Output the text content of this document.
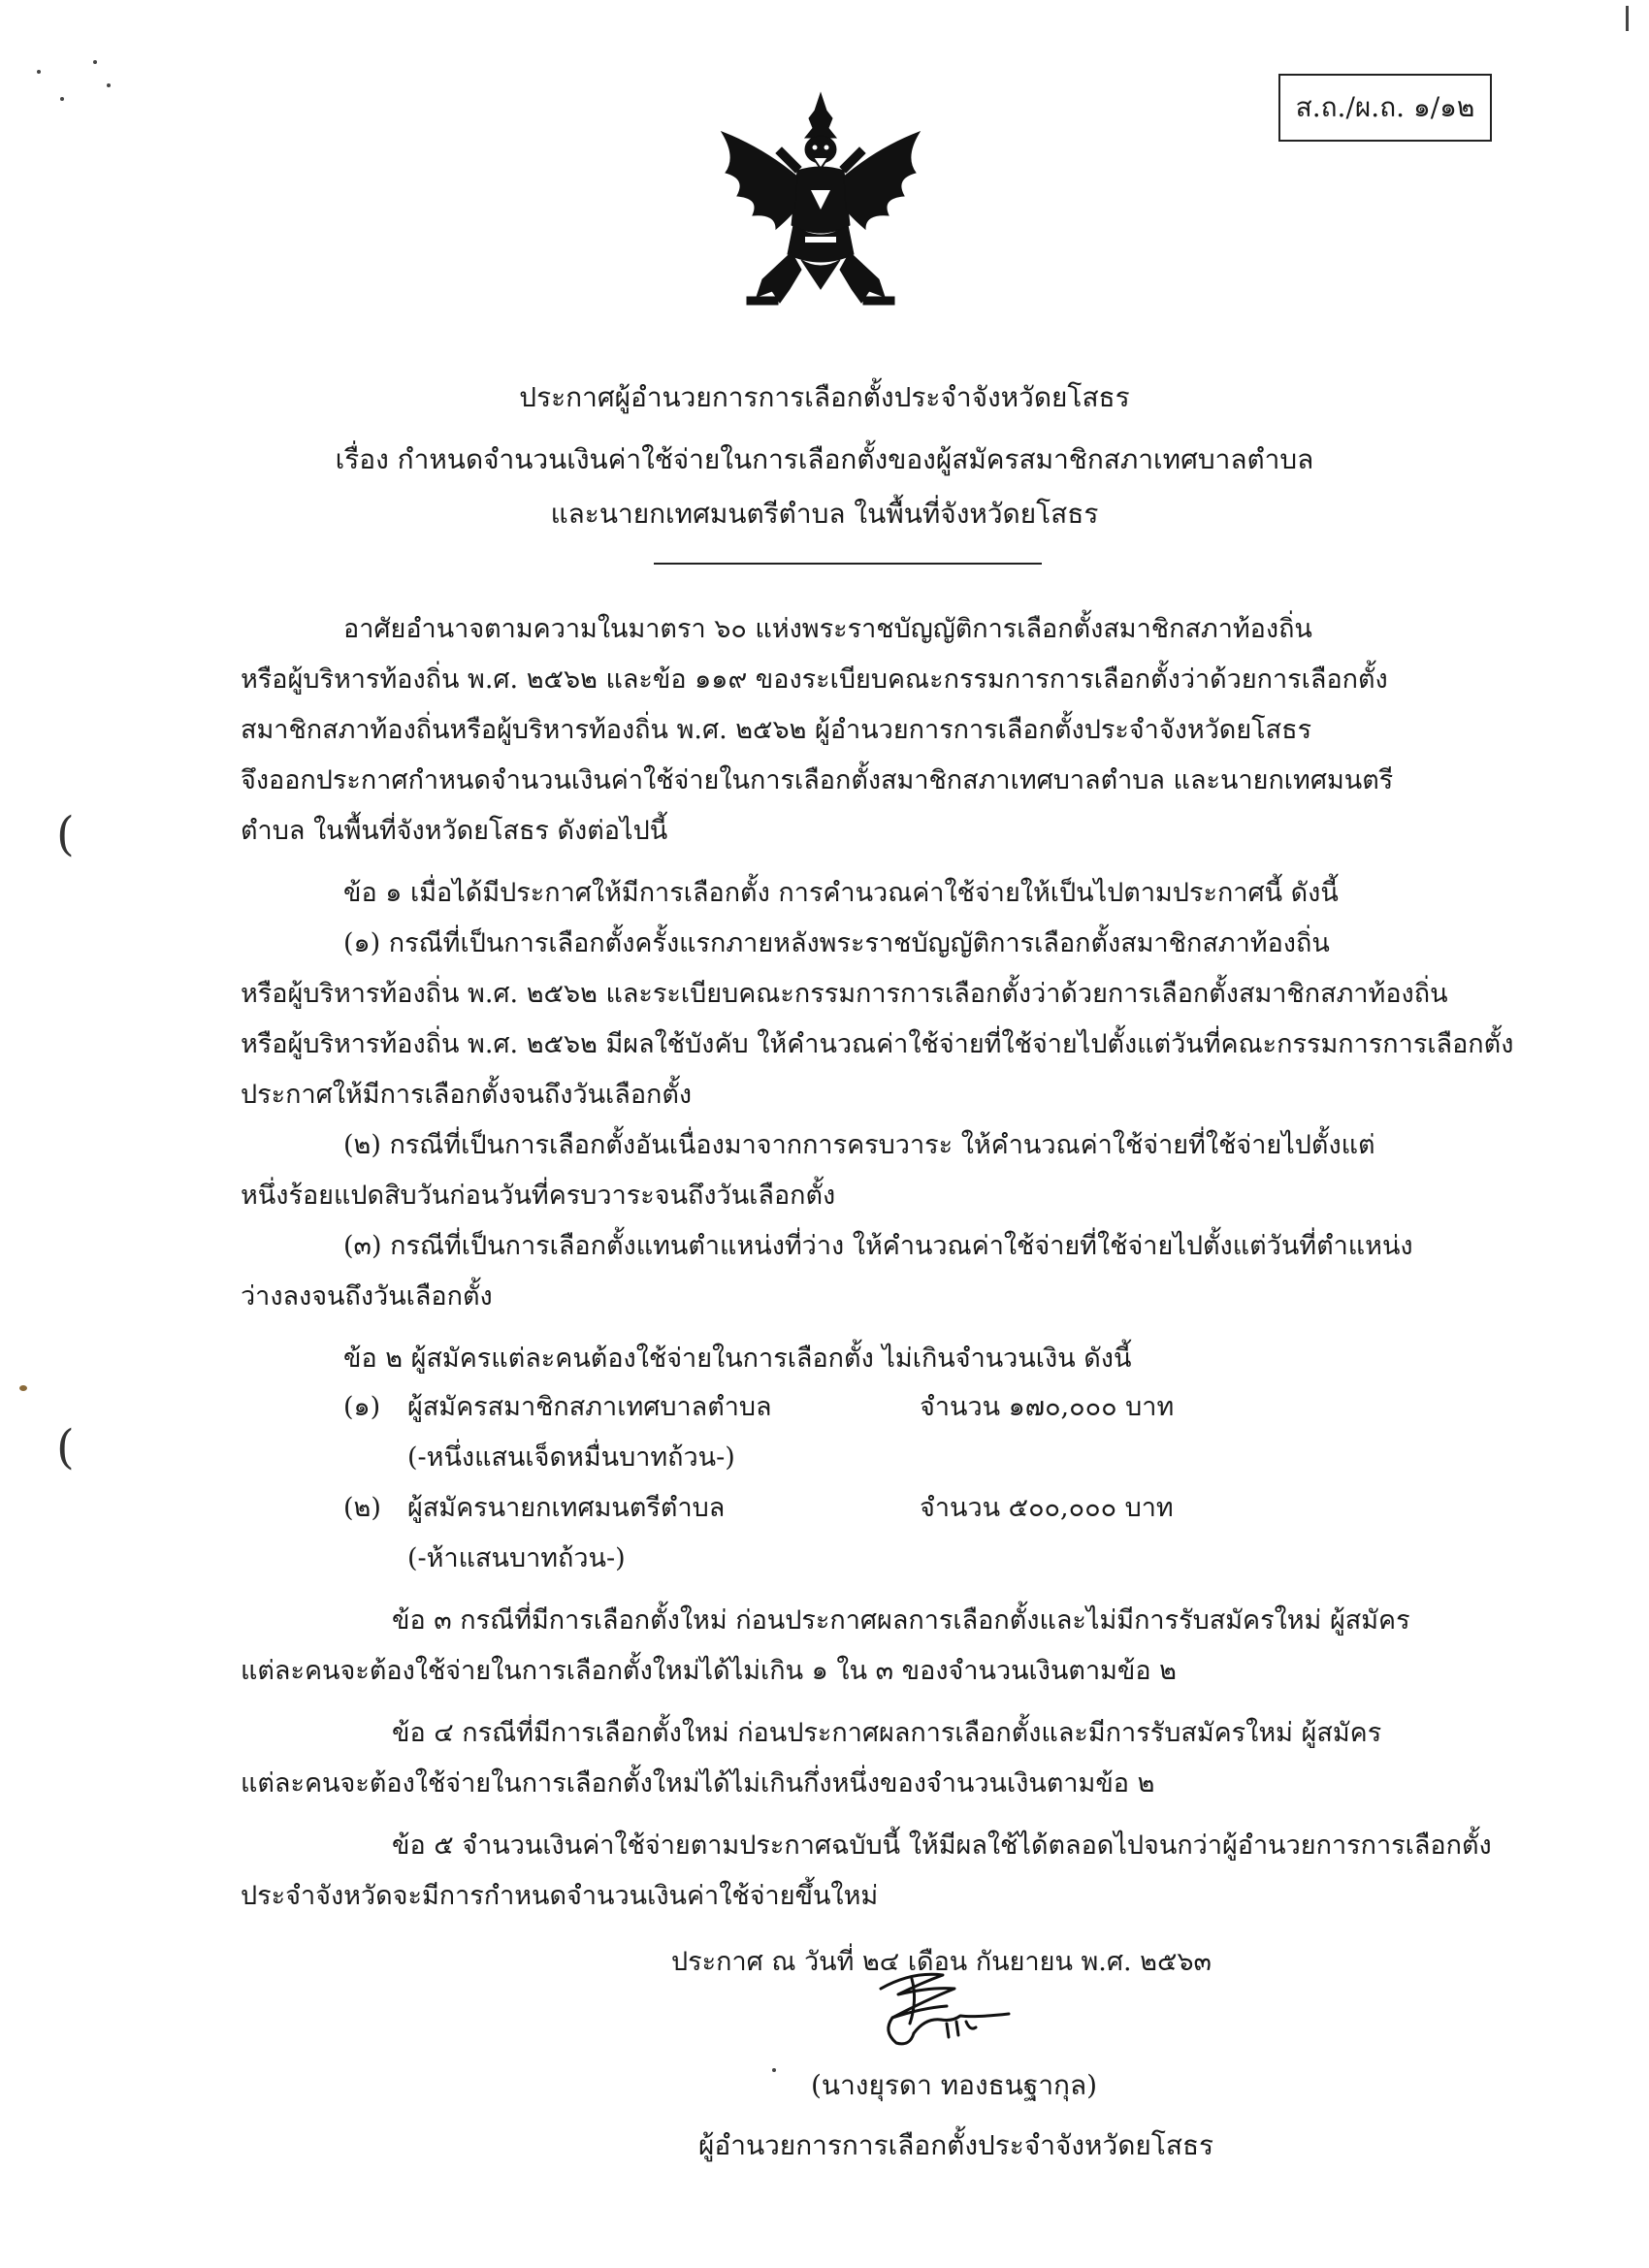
(
(
ส.ถ./ผ.ถ. ๑/๑๒
ประกาศผู้อำนวยการการเลือกตั้งประจำจังหวัดยโสธร
เรื่อง กำหนดจำนวนเงินค่าใช้จ่ายในการเลือกตั้งของผู้สมัครสมาชิกสภาเทศบาลตำบล
และนายกเทศมนตรีตำบล ในพื้นที่จังหวัดยโสธร
อาศัยอำนาจตามความในมาตรา ๖๐ แห่งพระราชบัญญัติการเลือกตั้งสมาชิกสภาท้องถิ่น
หรือผู้บริหารท้องถิ่น พ.ศ. ๒๕๖๒ และข้อ ๑๑๙ ของระเบียบคณะกรรมการการเลือกตั้งว่าด้วยการเลือกตั้ง
สมาชิกสภาท้องถิ่นหรือผู้บริหารท้องถิ่น พ.ศ. ๒๕๖๒ ผู้อำนวยการการเลือกตั้งประจำจังหวัดยโสธร
จึงออกประกาศกำหนดจำนวนเงินค่าใช้จ่ายในการเลือกตั้งสมาชิกสภาเทศบาลตำบล และนายกเทศมนตรี
ตำบล ในพื้นที่จังหวัดยโสธร ดังต่อไปนี้
ข้อ ๑ เมื่อได้มีประกาศให้มีการเลือกตั้ง การคำนวณค่าใช้จ่ายให้เป็นไปตามประกาศนี้ ดังนี้
(๑) กรณีที่เป็นการเลือกตั้งครั้งแรกภายหลังพระราชบัญญัติการเลือกตั้งสมาชิกสภาท้องถิ่น
หรือผู้บริหารท้องถิ่น พ.ศ. ๒๕๖๒ และระเบียบคณะกรรมการการเลือกตั้งว่าด้วยการเลือกตั้งสมาชิกสภาท้องถิ่น
หรือผู้บริหารท้องถิ่น พ.ศ. ๒๕๖๒ มีผลใช้บังคับ ให้คำนวณค่าใช้จ่ายที่ใช้จ่ายไปตั้งแต่วันที่คณะกรรมการการเลือกตั้ง
ประกาศให้มีการเลือกตั้งจนถึงวันเลือกตั้ง
(๒) กรณีที่เป็นการเลือกตั้งอันเนื่องมาจากการครบวาระ ให้คำนวณค่าใช้จ่ายที่ใช้จ่ายไปตั้งแต่
หนึ่งร้อยแปดสิบวันก่อนวันที่ครบวาระจนถึงวันเลือกตั้ง
(๓) กรณีที่เป็นการเลือกตั้งแทนตำแหน่งที่ว่าง ให้คำนวณค่าใช้จ่ายที่ใช้จ่ายไปตั้งแต่วันที่ตำแหน่ง
ว่างลงจนถึงวันเลือกตั้ง
ข้อ ๒ ผู้สมัครแต่ละคนต้องใช้จ่ายในการเลือกตั้ง ไม่เกินจำนวนเงิน ดังนี้
(๑) ผู้สมัครสมาชิกสภาเทศบาลตำบล	จำนวน ๑๗๐,๐๐๐ บาท
(-หนึ่งแสนเจ็ดหมื่นบาทถ้วน-)
(๒) ผู้สมัครนายกเทศมนตรีตำบล	จำนวน ๕๐๐,๐๐๐ บาท
(-ห้าแสนบาทถ้วน-)
ข้อ ๓ กรณีที่มีการเลือกตั้งใหม่ ก่อนประกาศผลการเลือกตั้งและไม่มีการรับสมัครใหม่ ผู้สมัคร
แต่ละคนจะต้องใช้จ่ายในการเลือกตั้งใหม่ได้ไม่เกิน ๑ ใน ๓ ของจำนวนเงินตามข้อ ๒
ข้อ ๔ กรณีที่มีการเลือกตั้งใหม่ ก่อนประกาศผลการเลือกตั้งและมีการรับสมัครใหม่ ผู้สมัคร
แต่ละคนจะต้องใช้จ่ายในการเลือกตั้งใหม่ได้ไม่เกินกึ่งหนึ่งของจำนวนเงินตามข้อ ๒
ข้อ ๕ จำนวนเงินค่าใช้จ่ายตามประกาศฉบับนี้ ให้มีผลใช้ได้ตลอดไปจนกว่าผู้อำนวยการการเลือกตั้ง
ประจำจังหวัดจะมีการกำหนดจำนวนเงินค่าใช้จ่ายขึ้นใหม่
ประกาศ ณ วันที่ ๒๔ เดือน กันยายน พ.ศ. ๒๕๖๓
(นางยุรดา ทองธนฐากุล)
ผู้อำนวยการการเลือกตั้งประจำจังหวัดยโสธร
